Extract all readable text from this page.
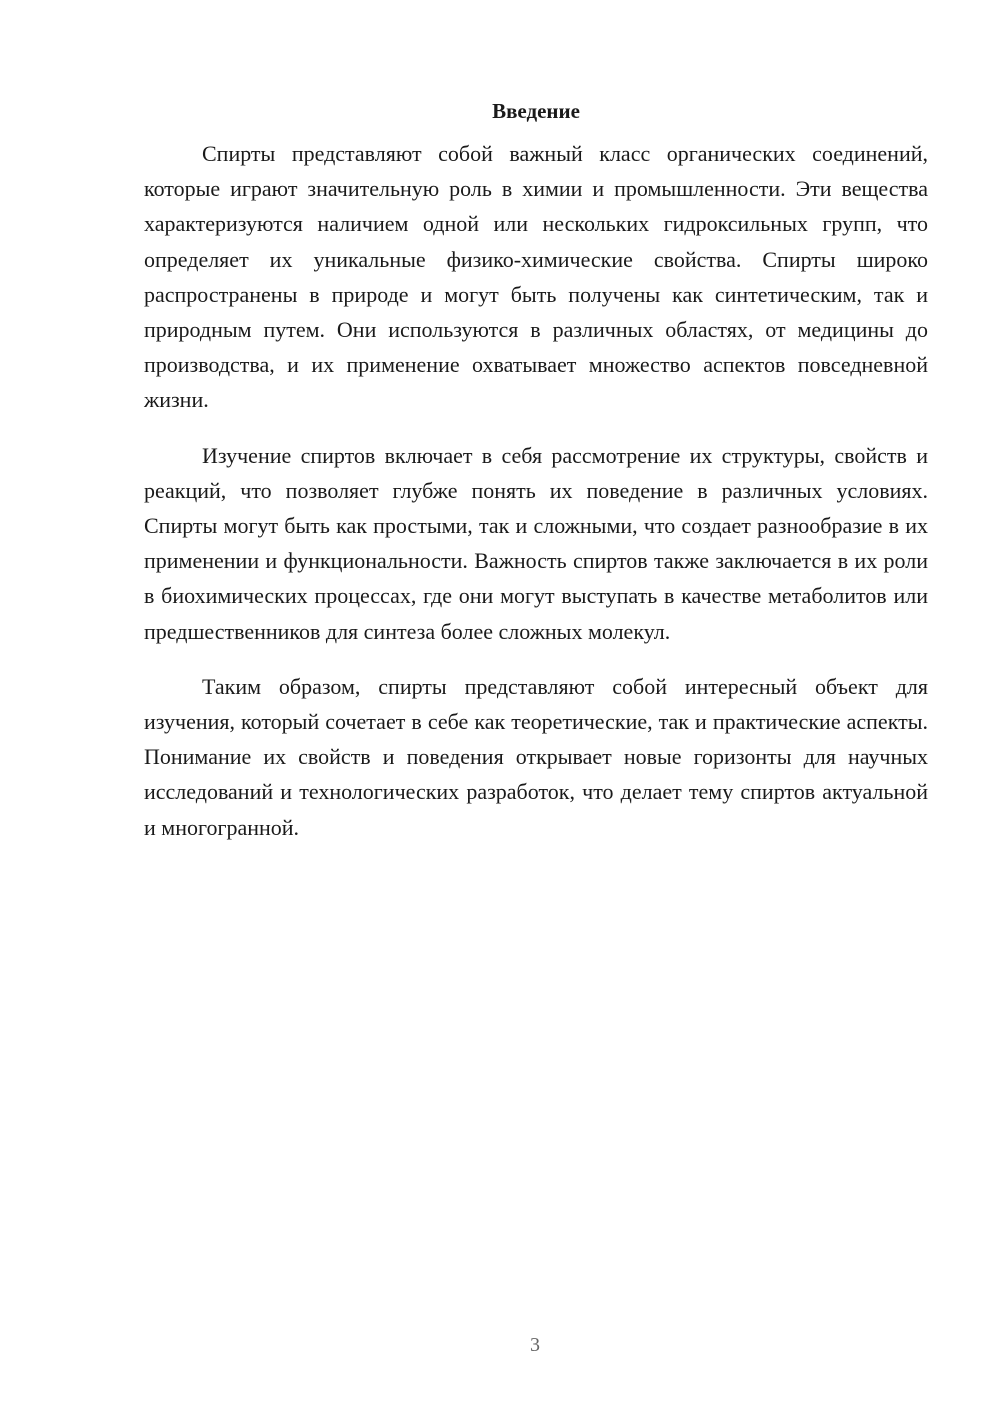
Введение

Спирты представляют собой важный класс органических соединений, которые играют значительную роль в химии и промышленности. Эти вещества характеризуются наличием одной или нескольких гидроксильных групп, что определяет их уникальные физико-химические свойства. Спирты широко распространены в природе и могут быть получены как синтетическим, так и природным путем. Они используются в различных областях, от медицины до производства, и их применение охватывает множество аспектов повседневной жизни.

Изучение спиртов включает в себя рассмотрение их структуры, свойств и реакций, что позволяет глубже понять их поведение в различных условиях. Спирты могут быть как простыми, так и сложными, что создает разнообразие в их применении и функциональности. Важность спиртов также заключается в их роли в биохимических процессах, где они могут выступать в качестве метаболитов или предшественников для синтеза более сложных молекул.

Таким образом, спирты представляют собой интересный объект для изучения, который сочетает в себе как теоретические, так и практические аспекты. Понимание их свойств и поведения открывает новые горизонты для научных исследований и технологических разработок, что делает тему спиртов актуальной и многогранной.

3
